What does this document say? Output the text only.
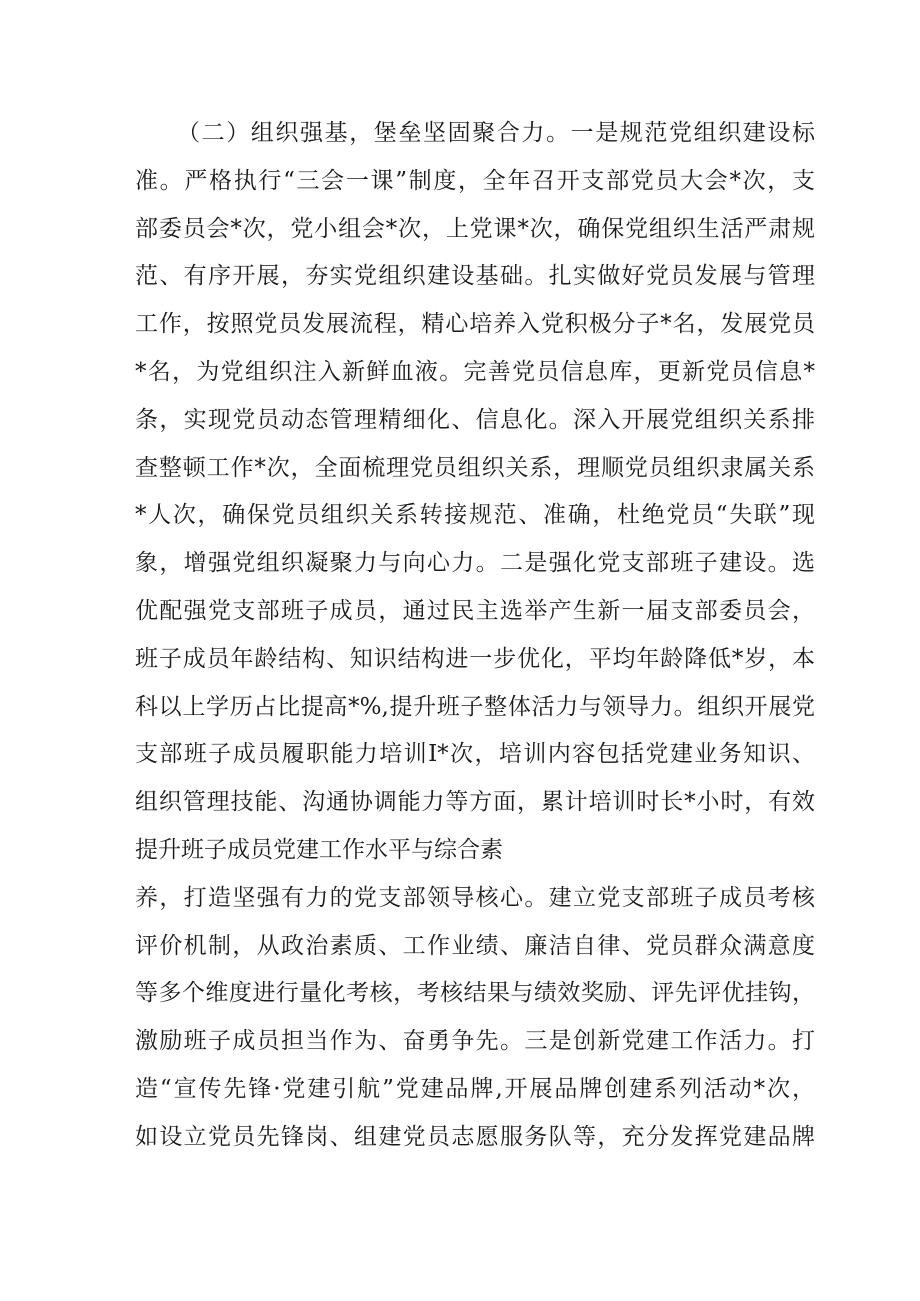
（二）组织强基，堡垒坚固聚合力。一是规范党组织建设标
准。严格执行“三会一课”制度，全年召开支部党员大会*次，支
部委员会*次，党小组会*次，上党课*次，确保党组织生活严肃规
范、有序开展，夯实党组织建设基础。扎实做好党员发展与管理
工作，按照党员发展流程，精心培养入党积极分子*名，发展党员
*名，为党组织注入新鲜血液。完善党员信息库，更新党员信息*
条，实现党员动态管理精细化、信息化。深入开展党组织关系排
查整顿工作*次，全面梳理党员组织关系，理顺党员组织隶属关系
*人次，确保党员组织关系转接规范、准确，杜绝党员“失联”现
象，增强党组织凝聚力与向心力。二是强化党支部班子建设。选
优配强党支部班子成员，通过民主选举产生新一届支部委员会，
班子成员年龄结构、知识结构进一步优化，平均年龄降低*岁，本
科以上学历占比提高*%,提升班子整体活力与领导力。组织开展党
支部班子成员履职能力培训I*次，培训内容包括党建业务知识、
组织管理技能、沟通协调能力等方面，累计培训时长*小时，有效
提升班子成员党建工作水平与综合素
养，打造坚强有力的党支部领导核心。建立党支部班子成员考核
评价机制，从政治素质、工作业绩、廉洁自律、党员群众满意度
等多个维度进行量化考核，考核结果与绩效奖励、评先评优挂钩，
激励班子成员担当作为、奋勇争先。三是创新党建工作活力。打
造“宣传先锋·党建引航”党建品牌,开展品牌创建系列活动*次，
如设立党员先锋岗、组建党员志愿服务队等，充分发挥党建品牌
